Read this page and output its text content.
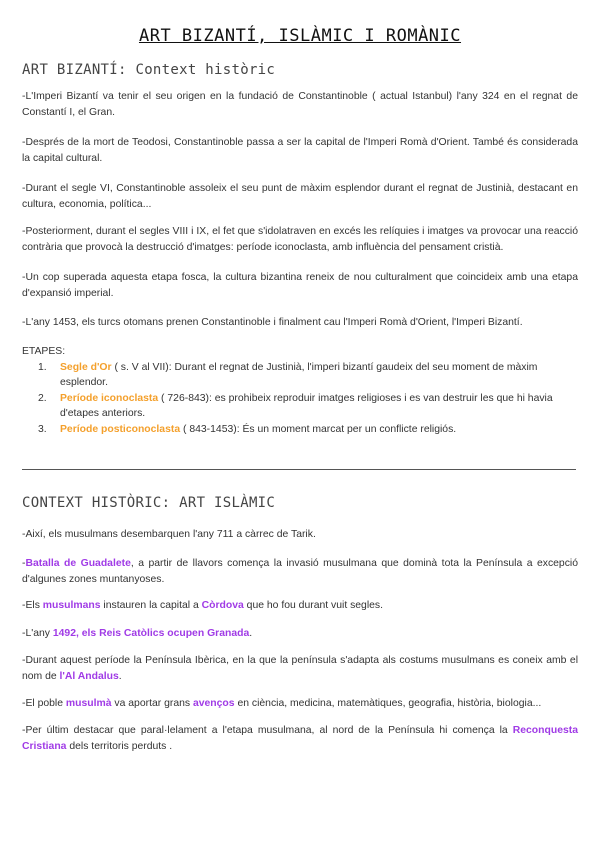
ART BIZANTÍ, ISLÀMIC I ROMÀNIC
ART BIZANTÍ: Context històric
-L'Imperi Bizantí va tenir el seu origen en la fundació de Constantinoble ( actual Istanbul) l'any 324 en el regnat de Constantí I, el Gran.
-Després de la mort de Teodosi, Constantinoble passa a ser la capital de l'Imperi Romà d'Orient. També és considerada la capital cultural.
-Durant el segle VI, Constantinoble assoleix el seu punt de màxim esplendor durant el regnat de Justinià, destacant en cultura, economia, política...
-Posteriorment, durant el segles VIII i IX, el fet que s'idolatraven en excés les relíquies i imatges va provocar una reacció contrària que provocà la destrucció d'imatges: període iconoclasta, amb influència del pensament cristià.
-Un cop superada aquesta etapa fosca, la cultura bizantina reneix de nou culturalment que coincideix amb una etapa d'expansió imperial.
-L'any 1453, els turcs otomans prenen Constantinoble i finalment cau l'Imperi Romà d'Orient, l'Imperi Bizantí.
ETAPES:
1.	Segle d'Or ( s. V al VII): Durant el regnat de Justinià, l'imperi bizantí gaudeix del seu moment de màxim esplendor.
2.	Període iconoclasta ( 726-843): es prohibeix reproduir imatges religioses i es van destruir les que hi havia d'etapes anteriors.
3.	Període posticonoclasta ( 843-1453): És un moment marcat per un conflicte religiós.
CONTEXT HISTÒRIC: ART ISLÀMIC
-Així, els musulmans desembarquen l'any 711 a càrrec de Tarik.
-Batalla de Guadalete, a partir de llavors comença la invasió musulmana que dominà tota la Península a excepció d'algunes zones muntanyoses.
-Els musulmans instauren la capital a Còrdova que ho fou durant vuit segles.
-L'any 1492, els Reis Catòlics ocupen Granada.
-Durant aquest període la Península Ibèrica, en la que la península s'adapta als costums musulmans es coneix amb el nom de l'Al Andalus.
-El poble musulmà va aportar grans avenços en ciència, medicina, matemàtiques, geografia, història, biologia...
-Per últim destacar que paral·lelament a l'etapa musulmana, al nord de la Península hi comença la Reconquesta Cristiana dels territoris perduts .
